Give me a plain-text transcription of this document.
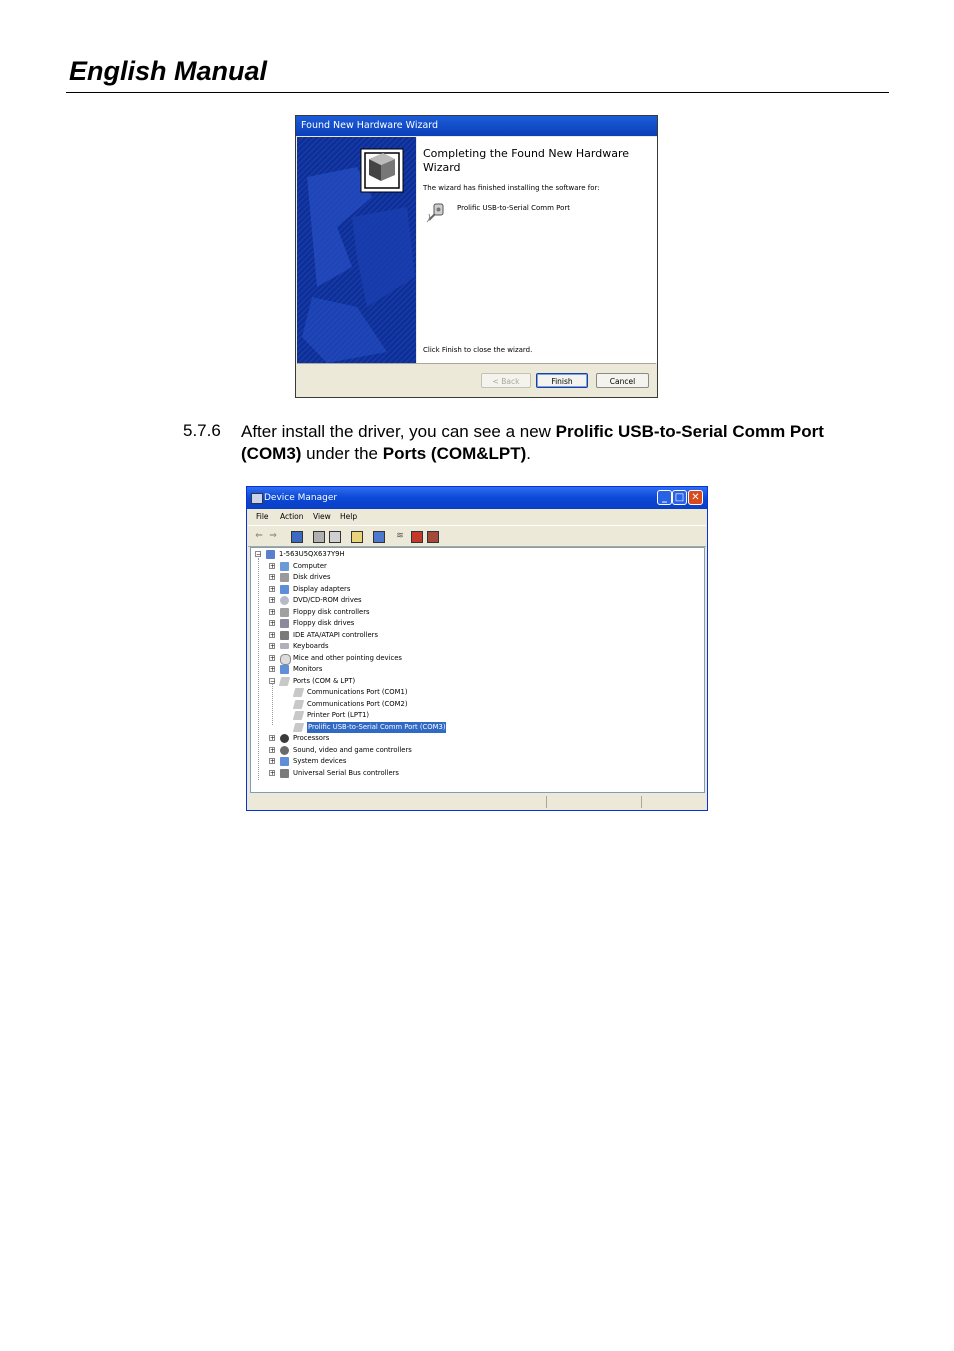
English Manual
Found New Hardware Wizard
Completing the Found New Hardware Wizard
The wizard has finished installing the software for:
Prolific USB-to-Serial Comm Port
Click Finish to close the wizard.
< Back	Finish	Cancel
5.7.6 After install the driver, you can see a new Prolific USB-to-Serial Comm Port (COM3) under the Ports (COM&LPT).
Device Manager	_ □ ✕
File Action View Help
⇐ ⇒	≋
−	1-563U5QX637Y9H
+	Computer
+	Disk drives
+	Display adapters
+	DVD/CD-ROM drives
+	Floppy disk controllers
+	Floppy disk drives
+	IDE ATA/ATAPI controllers
+	Keyboards
+	Mice and other pointing devices
+	Monitors
−	Ports (COM & LPT)
Communications Port (COM1)
Communications Port (COM2)
Printer Port (LPT1)
Prolific USB-to-Serial Comm Port (COM3)
+	Processors
+	Sound, video and game controllers
+	System devices
+	Universal Serial Bus controllers
